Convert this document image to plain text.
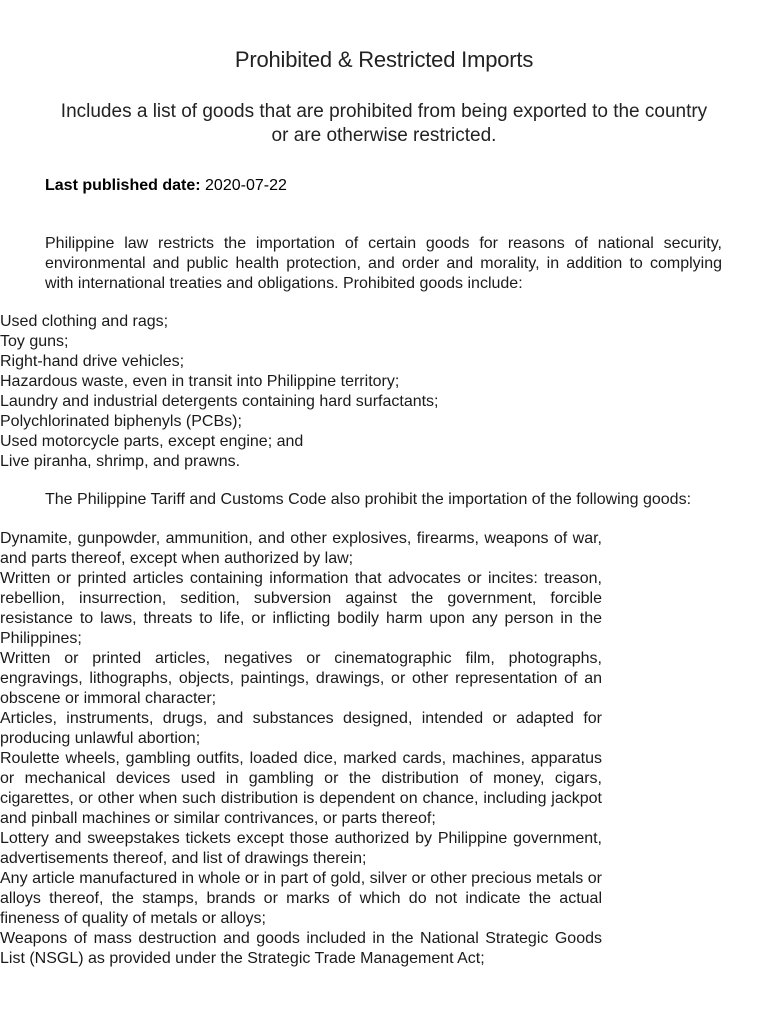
Prohibited & Restricted Imports
Includes a list of goods that are prohibited from being exported to the country or are otherwise restricted.
Last published date: 2020-07-22
Philippine law restricts the importation of certain goods for reasons of national security, environmental and public health protection, and order and morality, in addition to complying with international treaties and obligations. Prohibited goods include:
Used clothing and rags;
Toy guns;
Right-hand drive vehicles;
Hazardous waste, even in transit into Philippine territory;
Laundry and industrial detergents containing hard surfactants;
Polychlorinated biphenyls (PCBs);
Used motorcycle parts, except engine; and
Live piranha, shrimp, and prawns.
The Philippine Tariff and Customs Code also prohibit the importation of the following goods:
Dynamite, gunpowder, ammunition, and other explosives, firearms, weapons of war, and parts thereof, except when authorized by law;
Written or printed articles containing information that advocates or incites: treason, rebellion, insurrection, sedition, subversion against the government, forcible resistance to laws, threats to life, or inflicting bodily harm upon any person in the Philippines;
Written or printed articles, negatives or cinematographic film, photographs, engravings, lithographs, objects, paintings, drawings, or other representation of an obscene or immoral character;
Articles, instruments, drugs, and substances designed, intended or adapted for producing unlawful abortion;
Roulette wheels, gambling outfits, loaded dice, marked cards, machines, apparatus or mechanical devices used in gambling or the distribution of money, cigars, cigarettes, or other when such distribution is dependent on chance, including jackpot and pinball machines or similar contrivances, or parts thereof;
Lottery and sweepstakes tickets except those authorized by Philippine government, advertisements thereof, and list of drawings therein;
Any article manufactured in whole or in part of gold, silver or other precious metals or alloys thereof, the stamps, brands or marks of which do not indicate the actual fineness of quality of metals or alloys;
Weapons of mass destruction and goods included in the National Strategic Goods List (NSGL) as provided under the Strategic Trade Management Act;
